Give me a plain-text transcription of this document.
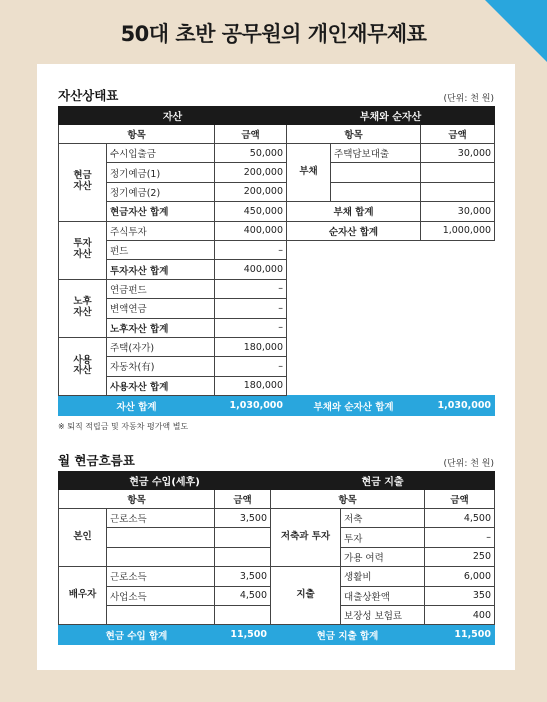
50대 초반 공무원의 개인재무제표
자산상태표	(단위: 천 원)
자산			부채와 순자산		
항목		금액	항목		금액
현금
자산	수시입출금	50,000	부채	주택담보대출	30,000
	정기예금(1)	200,000			
	정기예금(2)	200,000			
	현금자산 합계	450,000	부채 합계		30,000
투자
자산	주식투자	400,000	순자산 합계		1,000,000
	펀드	–			
	투자자산 합계	400,000			
노후
자산	연금펀드	–			
	변액연금	–			
	노후자산 합계	–			
사용
자산	주택(자가)	180,000			
	자동차(有)	–			
	사용자산 합계	180,000			
자산 합계		1,030,000	부채와 순자산 합계		1,030,000
※ 퇴직 적립금 및 자동차 평가액 별도
월 현금흐름표	(단위: 천 원)
현금 수입(세후)			현금 지출		
항목		금액	항목		금액
본인	근로소득	3,500	저축과 투자	저축	4,500
				투자	–
				가용 여력	250
배우자	근로소득	3,500	지출	생활비	6,000
	사업소득	4,500		대출상환액	350
				보장성 보험료	400
현금 수입 합계		11,500	현금 지출 합계		11,500
